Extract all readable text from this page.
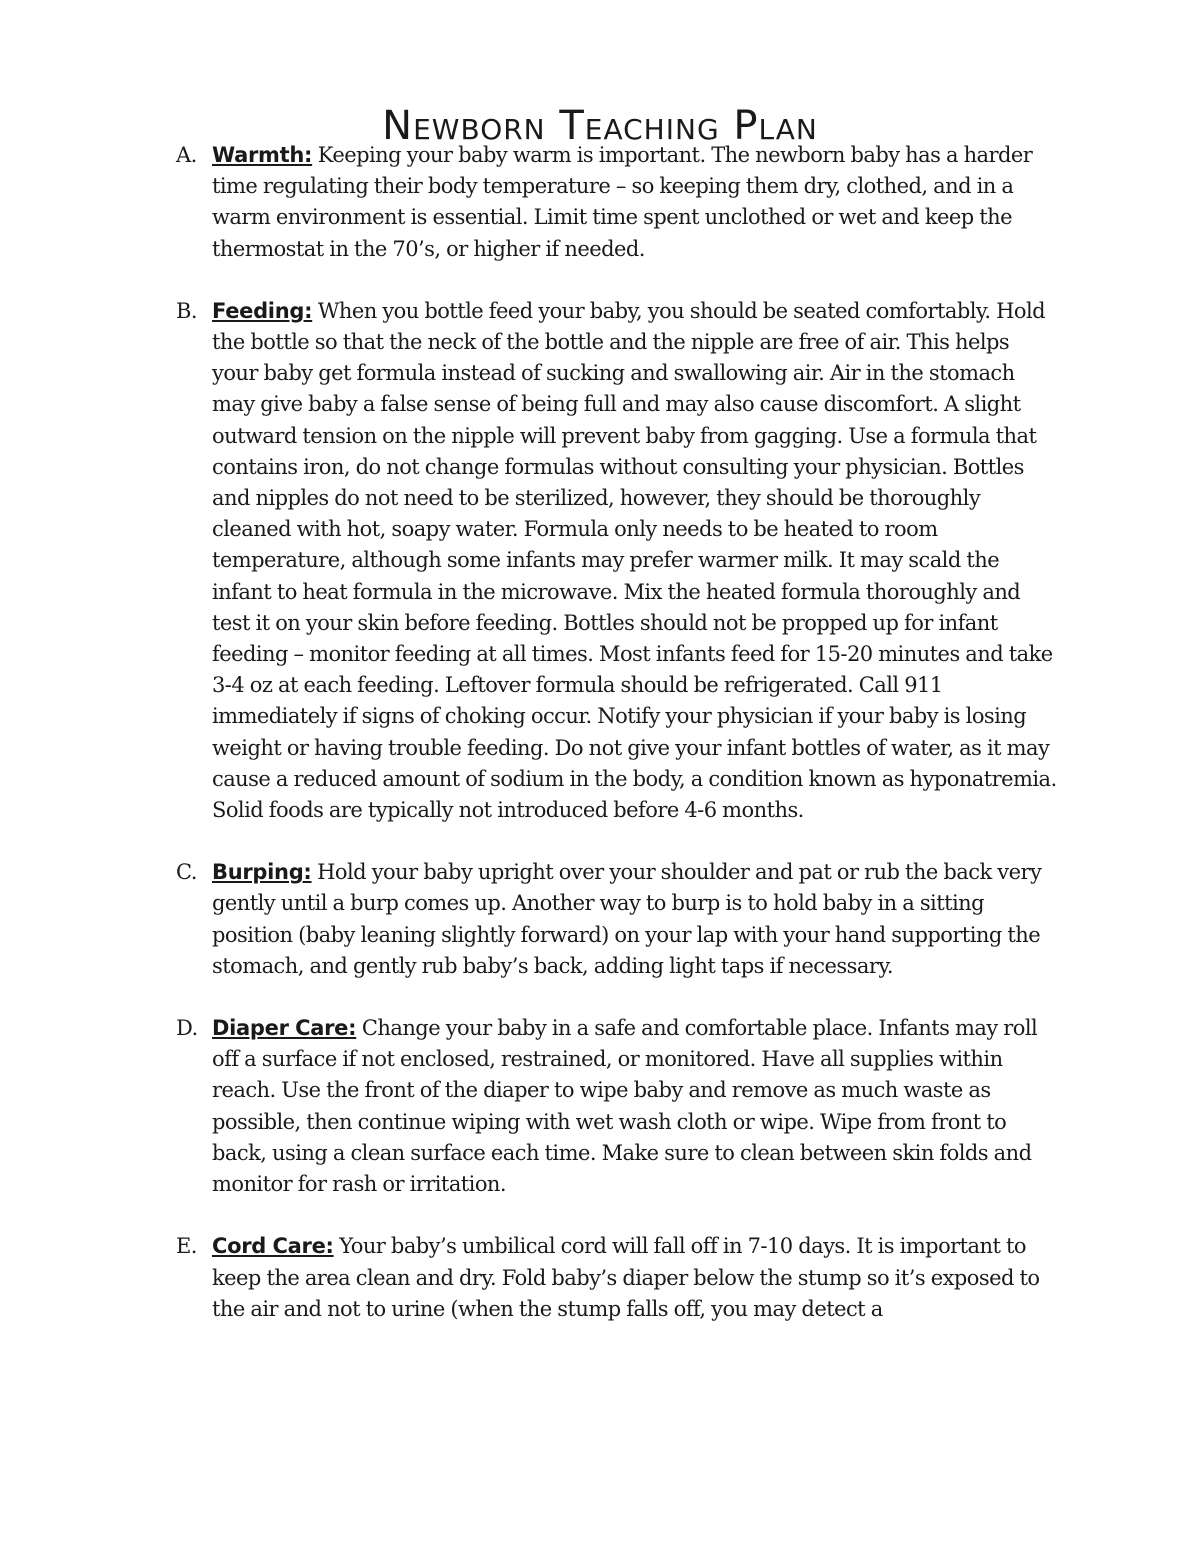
Newborn Teaching Plan
A. Warmth: Keeping your baby warm is important. The newborn baby has a harder time regulating their body temperature – so keeping them dry, clothed, and in a warm environment is essential. Limit time spent unclothed or wet and keep the thermostat in the 70’s, or higher if needed.
B. Feeding: When you bottle feed your baby, you should be seated comfortably. Hold the bottle so that the neck of the bottle and the nipple are free of air. This helps your baby get formula instead of sucking and swallowing air. Air in the stomach may give baby a false sense of being full and may also cause discomfort. A slight outward tension on the nipple will prevent baby from gagging. Use a formula that contains iron, do not change formulas without consulting your physician. Bottles and nipples do not need to be sterilized, however, they should be thoroughly cleaned with hot, soapy water. Formula only needs to be heated to room temperature, although some infants may prefer warmer milk. It may scald the infant to heat formula in the microwave. Mix the heated formula thoroughly and test it on your skin before feeding. Bottles should not be propped up for infant feeding – monitor feeding at all times. Most infants feed for 15-20 minutes and take 3-4 oz at each feeding. Leftover formula should be refrigerated. Call 911 immediately if signs of choking occur. Notify your physician if your baby is losing weight or having trouble feeding. Do not give your infant bottles of water, as it may cause a reduced amount of sodium in the body, a condition known as hyponatremia. Solid foods are typically not introduced before 4-6 months.
C. Burping: Hold your baby upright over your shoulder and pat or rub the back very gently until a burp comes up. Another way to burp is to hold baby in a sitting position (baby leaning slightly forward) on your lap with your hand supporting the stomach, and gently rub baby’s back, adding light taps if necessary.
D. Diaper Care: Change your baby in a safe and comfortable place. Infants may roll off a surface if not enclosed, restrained, or monitored. Have all supplies within reach. Use the front of the diaper to wipe baby and remove as much waste as possible, then continue wiping with wet wash cloth or wipe. Wipe from front to back, using a clean surface each time. Make sure to clean between skin folds and monitor for rash or irritation.
E. Cord Care: Your baby’s umbilical cord will fall off in 7-10 days. It is important to keep the area clean and dry. Fold baby’s diaper below the stump so it’s exposed to the air and not to urine (when the stump falls off, you may detect a
